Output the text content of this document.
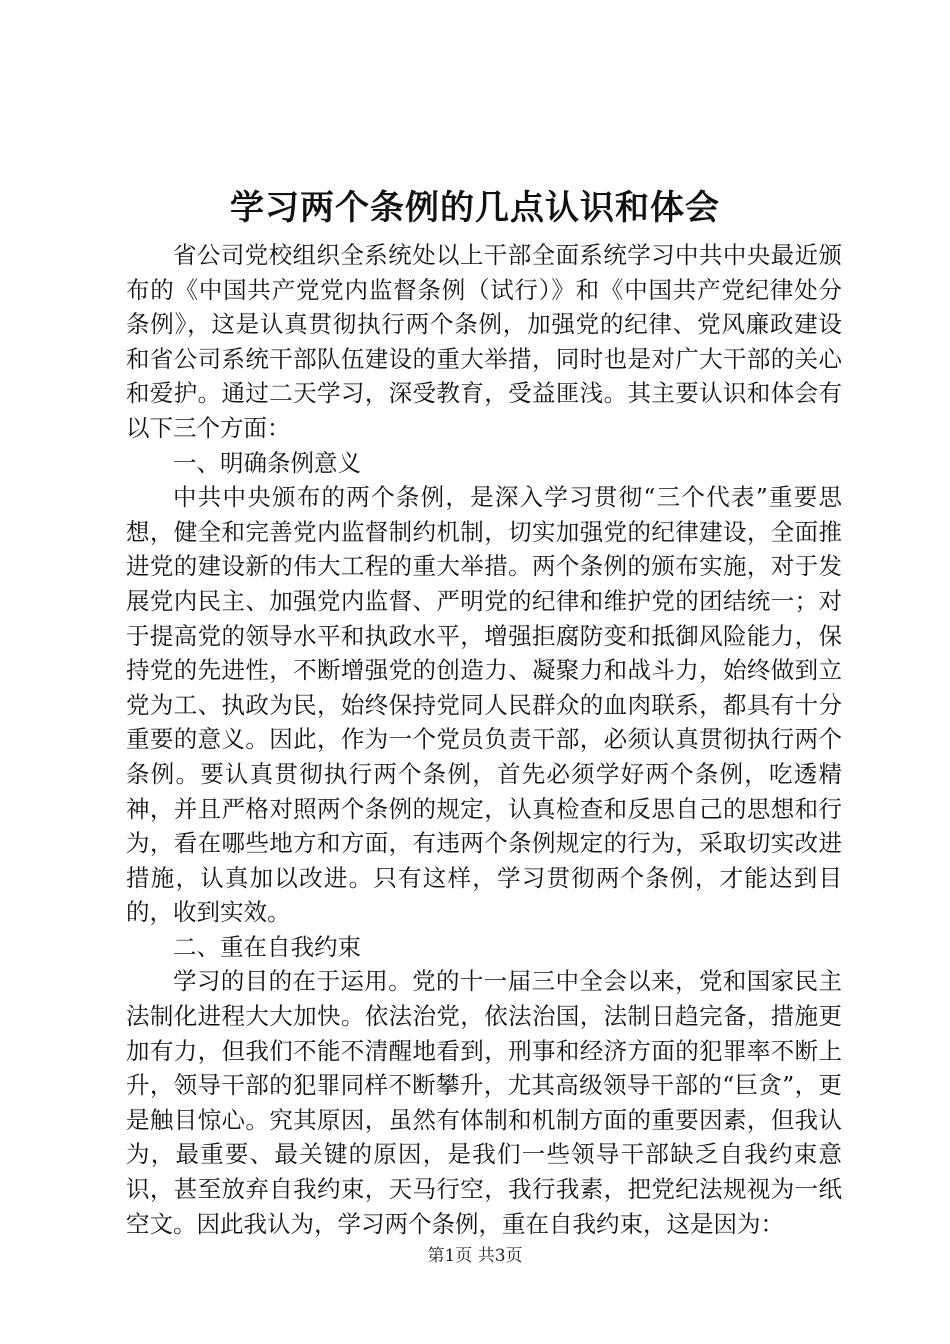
学习两个条例的几点认识和体会

省公司党校组织全系统处以上干部全面系统学习中共中央最近颁布的《中国共产党党内监督条例（试行）》和《中国共产党纪律处分条例》，这是认真贯彻执行两个条例，加强党的纪律、党风廉政建设和省公司系统干部队伍建设的重大举措，同时也是对广大干部的关心和爱护。通过二天学习，深受教育，受益匪浅。其主要认识和体会有以下三个方面：

一、明确条例意义

中共中央颁布的两个条例，是深入学习贯彻“三个代表”重要思想，健全和完善党内监督制约机制，切实加强党的纪律建设，全面推进党的建设新的伟大工程的重大举措。两个条例的颁布实施，对于发展党内民主、加强党内监督、严明党的纪律和维护党的团结统一；对于提高党的领导水平和执政水平，增强拒腐防变和抵御风险能力，保持党的先进性，不断增强党的创造力、凝聚力和战斗力，始终做到立党为工、执政为民，始终保持党同人民群众的血肉联系，都具有十分重要的意义。因此，作为一个党员负责干部，必须认真贯彻执行两个条例。要认真贯彻执行两个条例，首先必须学好两个条例，吃透精神，并且严格对照两个条例的规定，认真检查和反思自己的思想和行为，看在哪些地方和方面，有违两个条例规定的行为，采取切实改进措施，认真加以改进。只有这样，学习贯彻两个条例，才能达到目的，收到实效。

二、重在自我约束

学习的目的在于运用。党的十一届三中全会以来，党和国家民主法制化进程大大加快。依法治党，依法治国，法制日趋完备，措施更加有力，但我们不能不清醒地看到，刑事和经济方面的犯罪率不断上升，领导干部的犯罪同样不断攀升，尤其高级领导干部的“巨贪”，更是触目惊心。究其原因，虽然有体制和机制方面的重要因素，但我认为，最重要、最关键的原因，是我们一些领导干部缺乏自我约束意识，甚至放弃自我约束，天马行空，我行我素，把党纪法规视为一纸空文。因此我认为，学习两个条例，重在自我约束，这是因为：

第1页 共3页
